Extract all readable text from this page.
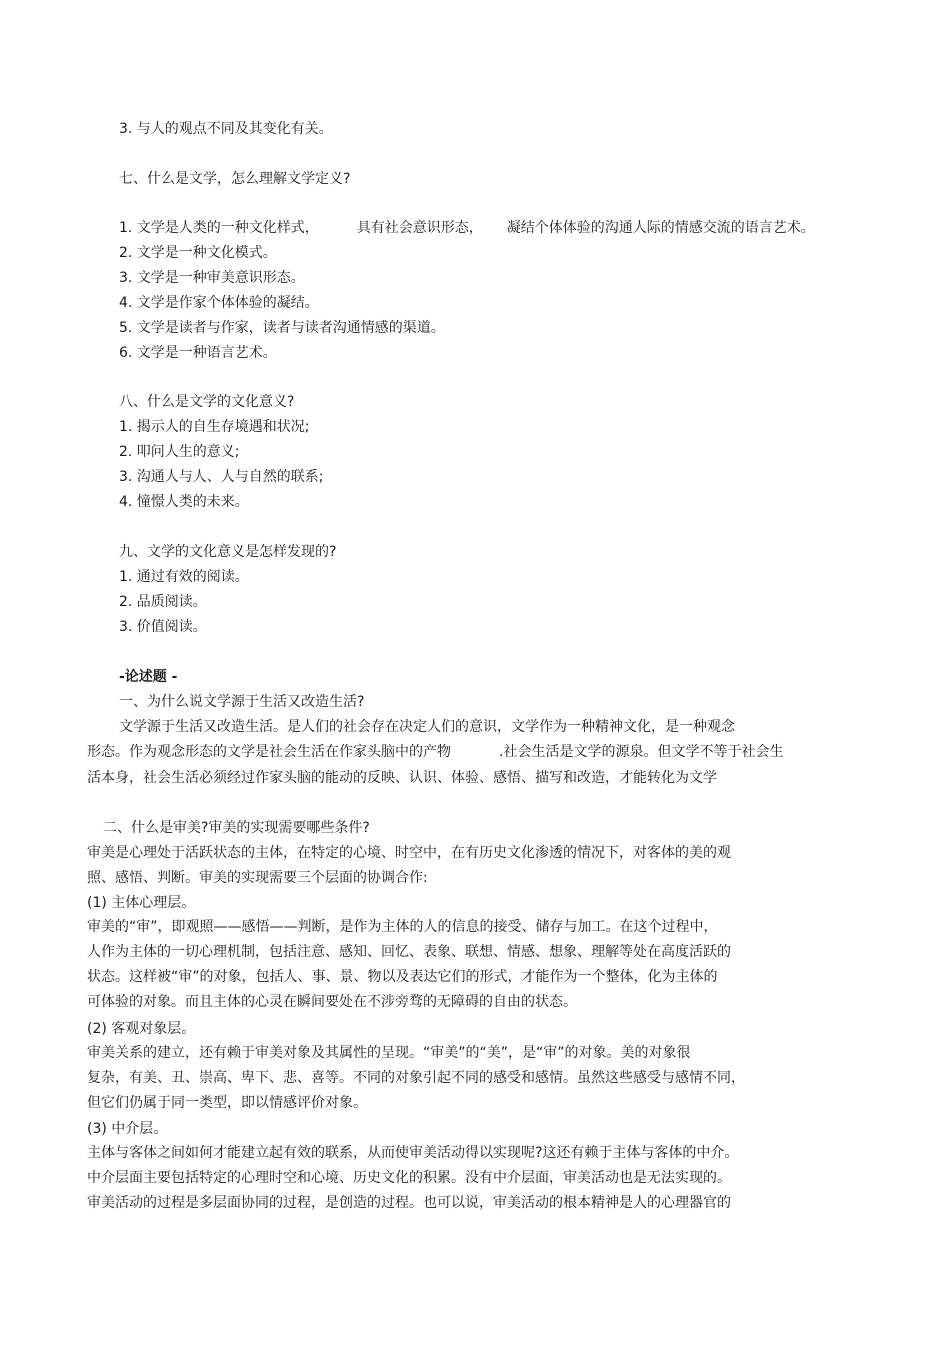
3. 与人的观点不同及其变化有关。
七、什么是文学，怎么理解文学定义?
1. 文学是人类的一种文化样式，	具有社会意识形态， 凝结个体体验的沟通人际的情感交流的语言艺术。
2. 文学是一种文化模式。
3. 文学是一种审美意识形态。
4. 文学是作家个体体验的凝结。
5. 文学是读者与作家，读者与读者沟通情感的渠道。
6. 文学是一种语言艺术。
八、什么是文学的文化意义?
1. 揭示人的自生存境遇和状况;
2. 叩问人生的意义;
3. 沟通人与人、人与自然的联系;
4. 憧憬人类的未来。
九、文学的文化意义是怎样发现的?
1. 通过有效的阅读。
2. 品质阅读。
3. 价值阅读。
-论述题 -
一、为什么说文学源于生活又改造生活?
文学源于生活又改造生活。是人们的社会存在决定人们的意识，文学作为一种精神文化，是一种观念
形态。作为观念形态的文学是社会生活在作家头脑中的产物	.社会生活是文学的源泉。但文学不等于社会生
活本身，社会生活必须经过作家头脑的能动的反映、认识、体验、感悟、描写和改造，才能转化为文学
二、什么是审美?审美的实现需要哪些条件?
审美是心理处于活跃状态的主体，在特定的心境、时空中，在有历史文化渗透的情况下，对客体的美的观
照、感悟、判断。审美的实现需要三个层面的协调合作:
(1) 主体心理层。
审美的“审”，即观照——感悟——判断，是作为主体的人的信息的接受、储存与加工。在这个过程中，
人作为主体的一切心理机制，包括注意、感知、回忆、表象、联想、情感、想象、理解等处在高度活跃的
状态。这样被“审”的对象，包括人、事、景、物以及表达它们的形式，才能作为一个整体，化为主体的
可体验的对象。而且主体的心灵在瞬间要处在不涉旁骛的无障碍的自由的状态。
(2) 客观对象层。
审美关系的建立，还有赖于审美对象及其属性的呈现。“审美”的“美”，是“审”的对象。美的对象很
复杂，有美、丑、崇高、卑下、悲、喜等。不同的对象引起不同的感受和感情。虽然这些感受与感情不同，
但它们仍属于同一类型，即以情感评价对象。
(3) 中介层。
主体与客体之间如何才能建立起有效的联系，从而使审美活动得以实现呢?这还有赖于主体与客体的中介。
中介层面主要包括特定的心理时空和心境、历史文化的积累。没有中介层面，审美活动也是无法实现的。
审美活动的过程是多层面协同的过程，是创造的过程。也可以说，审美活动的根本精神是人的心理器官的
